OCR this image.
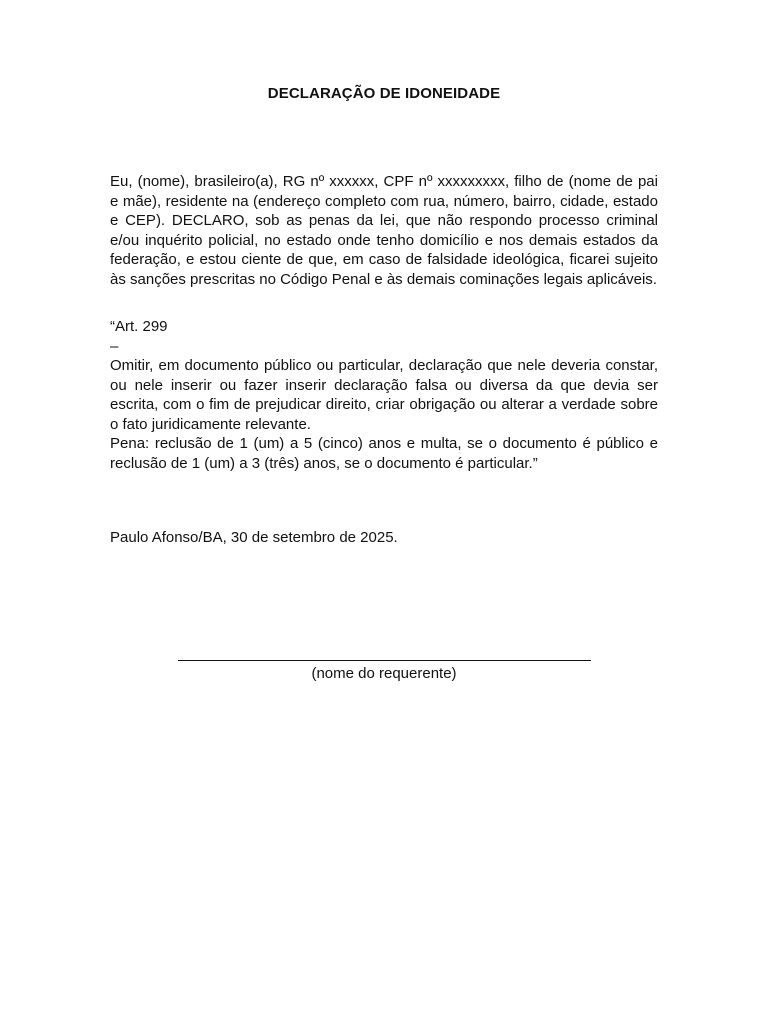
DECLARAÇÃO DE IDONEIDADE

Eu, (nome), brasileiro(a), RG nº xxxxxx, CPF nº xxxxxxxxx, filho de (nome de pai e mãe), residente na (endereço completo com rua, número, bairro, cidade, estado e CEP). DECLARO, sob as penas da lei, que não respondo processo criminal e/ou inquérito policial, no estado onde tenho domicílio e nos demais estados da federação, e estou ciente de que, em caso de falsidade ideológica, ficarei sujeito às sanções prescritas no Código Penal e às demais cominações legais aplicáveis.

“Art. 299

–

Omitir, em documento público ou particular, declaração que nele deveria constar, ou nele inserir ou fazer inserir declaração falsa ou diversa da que devia ser escrita, com o fim de prejudicar direito, criar obrigação ou alterar a verdade sobre o fato juridicamente relevante.

Pena: reclusão de 1 (um) a 5 (cinco) anos e multa, se o documento é público e reclusão de 1 (um) a 3 (três) anos, se o documento é particular.”

Paulo Afonso/BA, 30 de setembro de 2025.
(nome do requerente)
